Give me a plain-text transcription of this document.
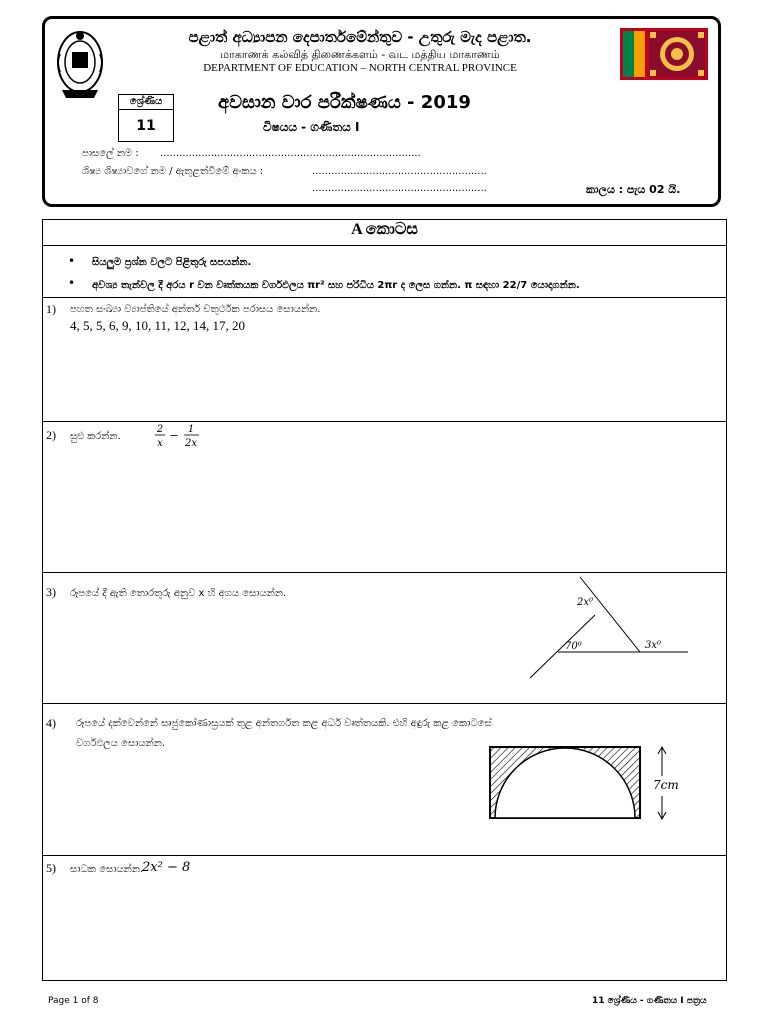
පළාත් අධ්‍යාපන දෙපාර්තමේන්තුව - උතුරු මැද පළාත.
மாகாணக் கல்வித் திணைக்களம் - வட மத்திய மாகாணம்
DEPARTMENT OF EDUCATION – NORTH CENTRAL PROVINCE
අවසාන වාර පරීක්ෂණය - 2019
විෂයය - ගණිතය I
ශ්‍රේණිය
11
පාසලේ නම : ..................................................................................
ශිෂ්‍ය ශිෂ්‍යාවගේ නම / ඇතුළත්වීමේ අංකය :	.......................................................
.......................................................	කාලය : පැය 02 යි.
A කොටස
• සියලුම ප්‍රශ්න වලට පිළිතුරු සපයන්න.
• අවශ්‍ය තැන්වල දී අරය r වන වෘත්තයක වර්ගඵලය πr² සහ පරිධිය 2πr ද ලෙස ගන්න. π සඳහා 22/7 යොදාගන්න.
1) පහත සංඛ්‍යා ව්‍යාප්තියේ අන්තර් චතුර්ථක පරාසය සොයන්න.
4, 5, 5, 6, 9, 10, 11, 12, 14, 17, 20
2) සුළු කරන්න.
2
x
− 1
2x
3) රූපයේ දී ඇති තොරතුරු අනුව x හි අගය සොයන්න.
2x⁰
70⁰	3x⁰
4) රූපයේ දක්වෙන්නේ සෘජුකෝණාස්‍රයක් තුළ අන්තර්ගත කළ අර්ධ වෘත්තයකි. එහි අඳුරු කළ කොටසේ
වර්ගඵලය සොයන්න.
7cm
5) සාධක සොයන්න.
2x² − 8
Page 1 of 8	11 ශ්‍රේණිය - ගණිතය I පත්‍රය
